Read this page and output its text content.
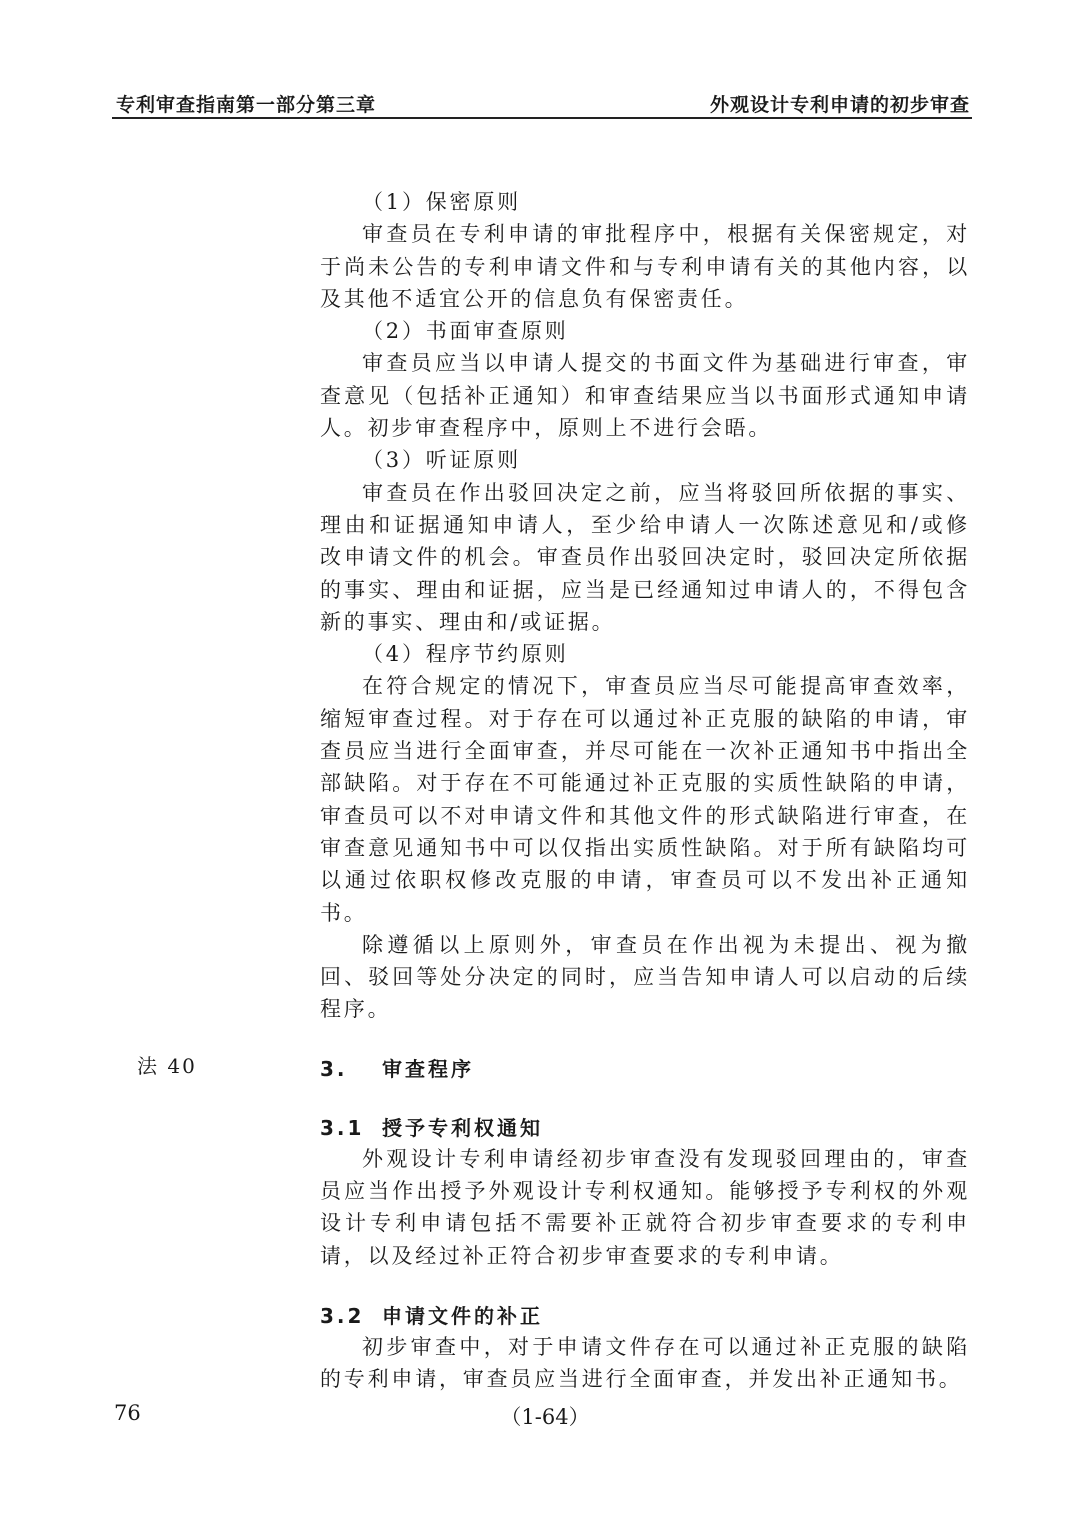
专利审查指南第一部分第三章	外观设计专利申请的初步审查

（1）保密原则

审查员在专利申请的审批程序中，根据有关保密规定，对于尚未公告的专利申请文件和与专利申请有关的其他内容，以及其他不适宜公开的信息负有保密责任。

（2）书面审查原则

审查员应当以申请人提交的书面文件为基础进行审查，审查意见（包括补正通知）和审查结果应当以书面形式通知申请人。初步审查程序中，原则上不进行会晤。

（3）听证原则

审查员在作出驳回决定之前，应当将驳回所依据的事实、理由和证据通知申请人，至少给申请人一次陈述意见和/或修改申请文件的机会。审查员作出驳回决定时，驳回决定所依据的事实、理由和证据，应当是已经通知过申请人的，不得包含新的事实、理由和/或证据。

（4）程序节约原则

在符合规定的情况下，审查员应当尽可能提高审查效率，缩短审查过程。对于存在可以通过补正克服的缺陷的申请，审查员应当进行全面审查，并尽可能在一次补正通知书中指出全部缺陷。对于存在不可能通过补正克服的实质性缺陷的申请，审查员可以不对申请文件和其他文件的形式缺陷进行审查，在审查意见通知书中可以仅指出实质性缺陷。对于所有缺陷均可以通过依职权修改克服的申请，审查员可以不发出补正通知书。

除遵循以上原则外，审查员在作出视为未提出、视为撤回、驳回等处分决定的同时，应当告知申请人可以启动的后续程序。

3. 审查程序
3.1 授予专利权通知

外观设计专利申请经初步审查没有发现驳回理由的，审查员应当作出授予外观设计专利权通知。能够授予专利权的外观设计专利申请包括不需要补正就符合初步审查要求的专利申请，以及经过补正符合初步审查要求的专利申请。

3.2 申请文件的补正

初步审查中，对于申请文件存在可以通过补正克服的缺陷的专利申请，审查员应当进行全面审查，并发出补正通知书。

法 40
76	（1-64）
